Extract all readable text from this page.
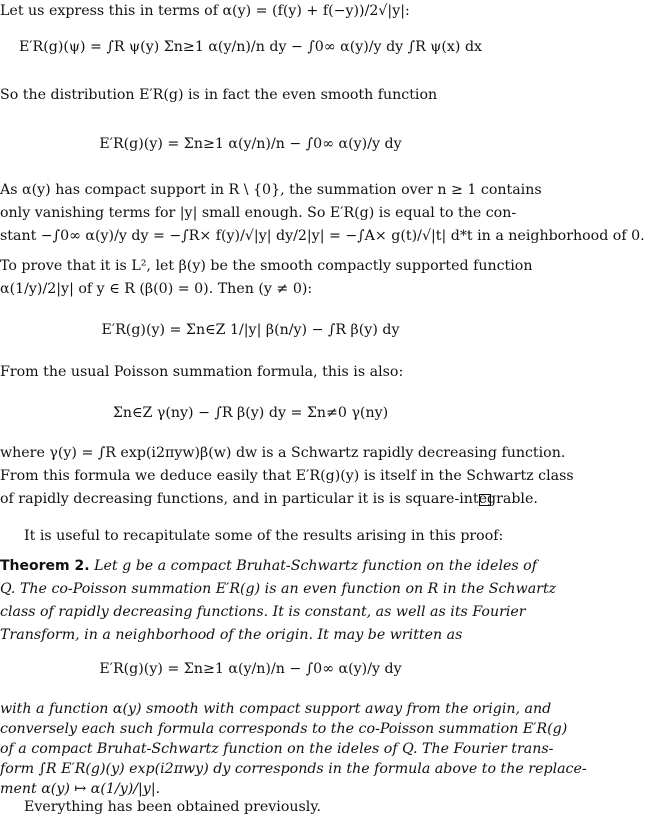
Let us express this in terms of α(y) = (f(y) + f(−y))/2√|y|:
E′R(g)(ψ) = ∫R ψ(y) Σn≥1 α(y/n)/n dy − ∫0∞ α(y)/y dy ∫R ψ(x) dx
So the distribution E′R(g) is in fact the even smooth function
E′R(g)(y) = Σn≥1 α(y/n)/n − ∫0∞ α(y)/y dy
As α(y) has compact support in R \ {0}, the summation over n ≥ 1 contains
only vanishing terms for |y| small enough. So E′R(g) is equal to the con-
stant −∫0∞ α(y)/y dy = −∫R× f(y)/√|y| dy/2|y| = −∫A× g(t)/√|t| d*t in a neighborhood of 0.
To prove that it is L², let β(y) be the smooth compactly supported function
α(1/y)/2|y| of y ∈ R (β(0) = 0). Then (y ≠ 0):
E′R(g)(y) = Σn∈Z 1/|y| β(n/y) − ∫R β(y) dy
From the usual Poisson summation formula, this is also:
Σn∈Z γ(ny) − ∫R β(y) dy = Σn≠0 γ(ny)
where γ(y) = ∫R exp(i2πyw)β(w) dw is a Schwartz rapidly decreasing function.
From this formula we deduce easily that E′R(g)(y) is itself in the Schwartz class
of rapidly decreasing functions, and in particular it is is square-integrable.
It is useful to recapitulate some of the results arising in this proof:
Theorem 2. Let g be a compact Bruhat-Schwartz function on the ideles of
Q. The co-Poisson summation E′R(g) is an even function on R in the Schwartz
class of rapidly decreasing functions. It is constant, as well as its Fourier
Transform, in a neighborhood of the origin. It may be written as
E′R(g)(y) = Σn≥1 α(y/n)/n − ∫0∞ α(y)/y dy
with a function α(y) smooth with compact support away from the origin, and
conversely each such formula corresponds to the co-Poisson summation E′R(g)
of a compact Bruhat-Schwartz function on the ideles of Q. The Fourier trans-
form ∫R E′R(g)(y) exp(i2πwy) dy corresponds in the formula above to the replace-
ment α(y) ↦ α(1/y)/|y|.
Everything has been obtained previously.
